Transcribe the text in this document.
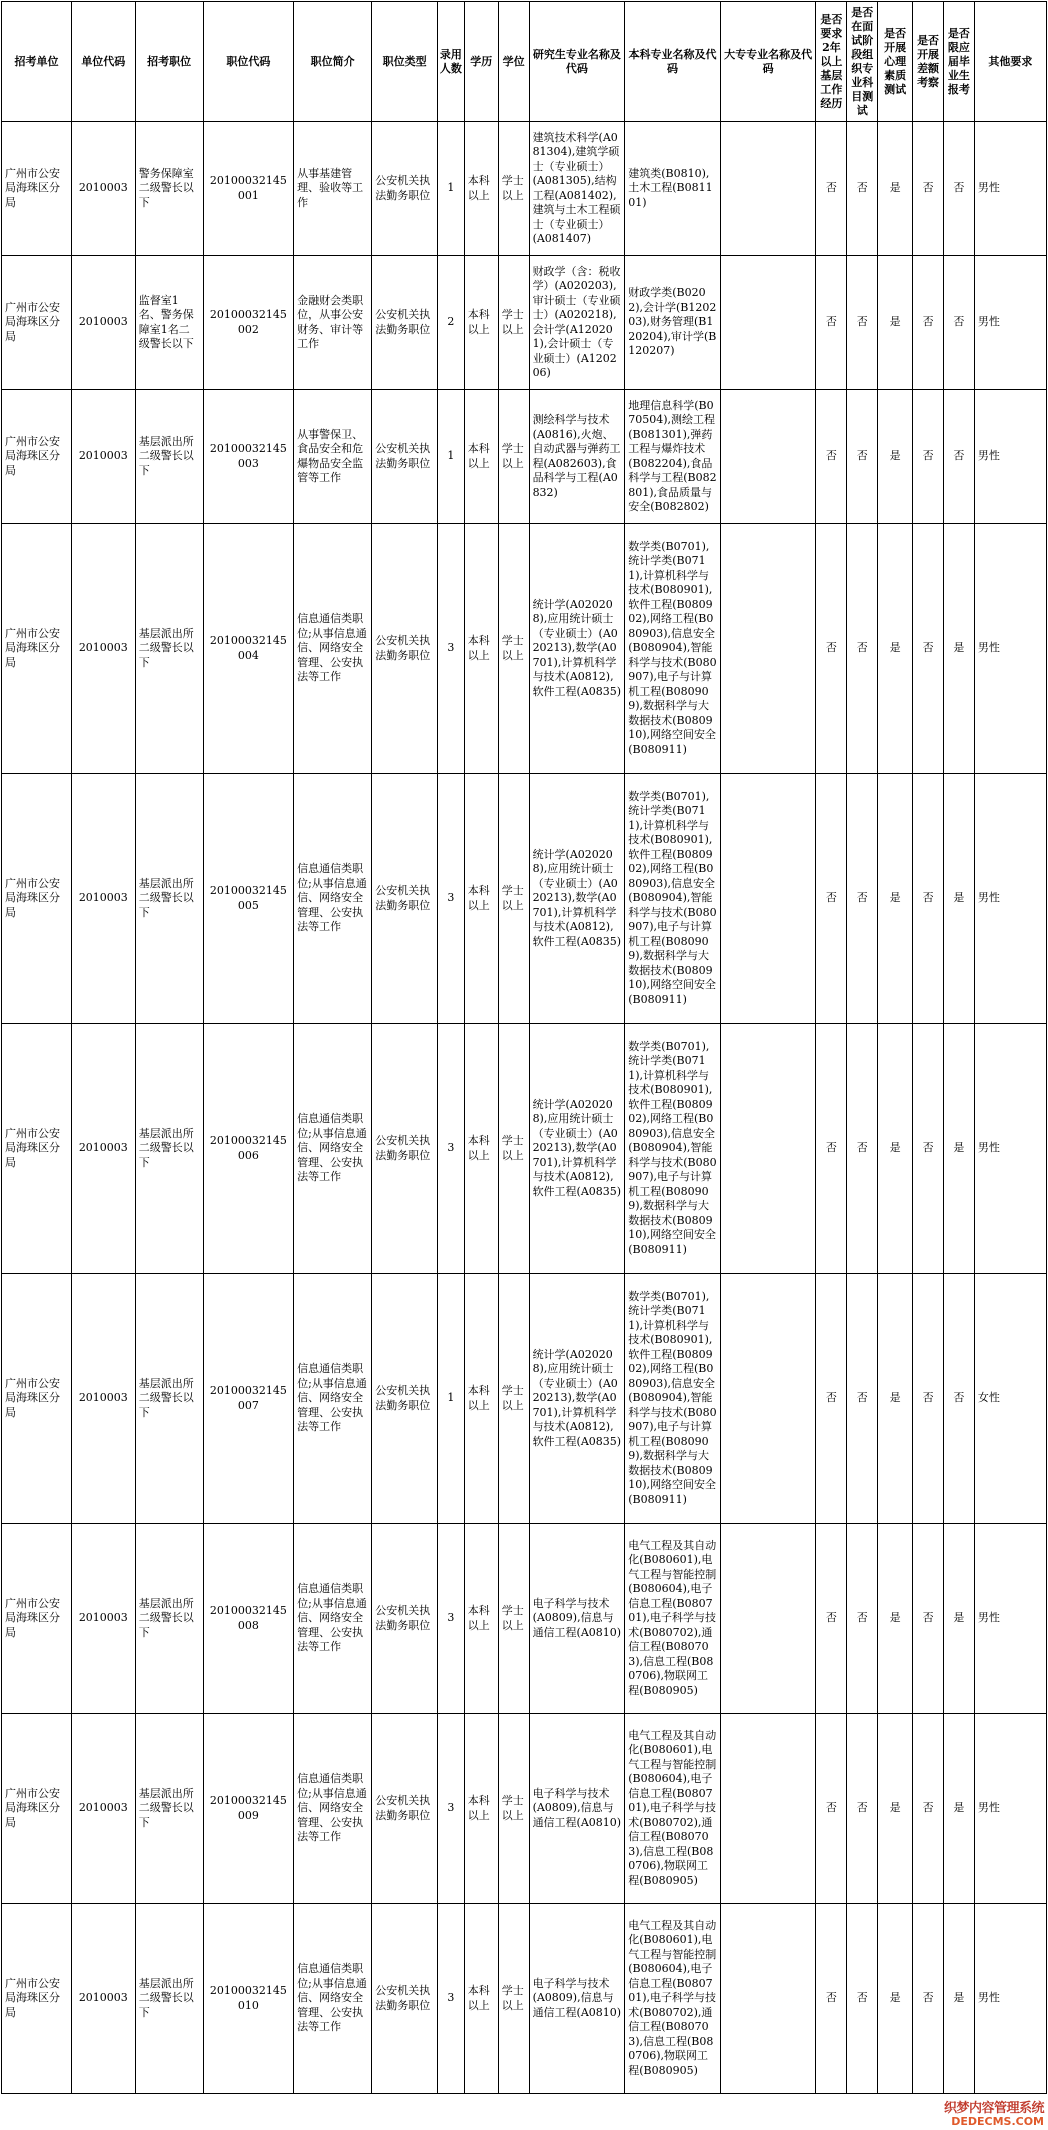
招考单位	单位代码	招考职位	职位代码	职位简介	职位类型	录用人数	学历	学位	研究生专业名称及代码	本科专业名称及代码	大专专业名称及代码	是否要求2年以上基层工作经历	是否在面试阶段组织专业科目测试	是否开展心理素质测试	是否开展差额考察	是否限应届毕业生报考	其他要求
广州市公安局海珠区分局	2010003	警务保障室二级警长以下	20100032145001	从事基建管理、验收等工作	公安机关执法勤务职位	1	本科以上	学士以上	建筑技术科学(A081304),建筑学硕士（专业硕士）(A081305),结构工程(A081402),建筑与土木工程硕士（专业硕士）(A081407)	建筑类(B0810),土木工程(B081101)		否	否	是	否	否	男性
广州市公安局海珠区分局	2010003	监督室1名、警务保障室1名二级警长以下	20100032145002	金融财会类职位，从事公安财务、审计等工作	公安机关执法勤务职位	2	本科以上	学士以上	财政学（含：税收学）(A020203),审计硕士（专业硕士）(A020218),会计学(A120201),会计硕士（专业硕士）(A120206)	财政学类(B0202),会计学(B120203),财务管理(B120204),审计学(B120207)		否	否	是	否	否	男性
广州市公安局海珠区分局	2010003	基层派出所二级警长以下	20100032145003	从事警保卫、食品安全和危爆物品安全监管等工作	公安机关执法勤务职位	1	本科以上	学士以上	测绘科学与技术(A0816),火炮、自动武器与弹药工程(A082603),食品科学与工程(A0832)	地理信息科学(B070504),测绘工程(B081301),弹药工程与爆炸技术(B082204),食品科学与工程(B082801),食品质量与安全(B082802)		否	否	是	否	否	男性
广州市公安局海珠区分局	2010003	基层派出所二级警长以下	20100032145004	信息通信类职位;从事信息通信、网络安全管理、公安执法等工作	公安机关执法勤务职位	3	本科以上	学士以上	统计学(A020208),应用统计硕士（专业硕士）(A020213),数学(A0701),计算机科学与技术(A0812),软件工程(A0835)	数学类(B0701),统计学类(B0711),计算机科学与技术(B080901),软件工程(B080902),网络工程(B080903),信息安全(B080904),智能科学与技术(B080907),电子与计算机工程(B080909),数据科学与大数据技术(B080910),网络空间安全(B080911)		否	否	是	否	是	男性
广州市公安局海珠区分局	2010003	基层派出所二级警长以下	20100032145005	信息通信类职位;从事信息通信、网络安全管理、公安执法等工作	公安机关执法勤务职位	3	本科以上	学士以上	统计学(A020208),应用统计硕士（专业硕士）(A020213),数学(A0701),计算机科学与技术(A0812),软件工程(A0835)	数学类(B0701),统计学类(B0711),计算机科学与技术(B080901),软件工程(B080902),网络工程(B080903),信息安全(B080904),智能科学与技术(B080907),电子与计算机工程(B080909),数据科学与大数据技术(B080910),网络空间安全(B080911)		否	否	是	否	是	男性
广州市公安局海珠区分局	2010003	基层派出所二级警长以下	20100032145006	信息通信类职位;从事信息通信、网络安全管理、公安执法等工作	公安机关执法勤务职位	3	本科以上	学士以上	统计学(A020208),应用统计硕士（专业硕士）(A020213),数学(A0701),计算机科学与技术(A0812),软件工程(A0835)	数学类(B0701),统计学类(B0711),计算机科学与技术(B080901),软件工程(B080902),网络工程(B080903),信息安全(B080904),智能科学与技术(B080907),电子与计算机工程(B080909),数据科学与大数据技术(B080910),网络空间安全(B080911)		否	否	是	否	是	男性
广州市公安局海珠区分局	2010003	基层派出所二级警长以下	20100032145007	信息通信类职位;从事信息通信、网络安全管理、公安执法等工作	公安机关执法勤务职位	1	本科以上	学士以上	统计学(A020208),应用统计硕士（专业硕士）(A020213),数学(A0701),计算机科学与技术(A0812),软件工程(A0835)	数学类(B0701),统计学类(B0711),计算机科学与技术(B080901),软件工程(B080902),网络工程(B080903),信息安全(B080904),智能科学与技术(B080907),电子与计算机工程(B080909),数据科学与大数据技术(B080910),网络空间安全(B080911)		否	否	是	否	否	女性
广州市公安局海珠区分局	2010003	基层派出所二级警长以下	20100032145008	信息通信类职位;从事信息通信、网络安全管理、公安执法等工作	公安机关执法勤务职位	3	本科以上	学士以上	电子科学与技术(A0809),信息与通信工程(A0810)	电气工程及其自动化(B080601),电气工程与智能控制(B080604),电子信息工程(B080701),电子科学与技术(B080702),通信工程(B080703),信息工程(B080706),物联网工程(B080905)		否	否	是	否	是	男性
广州市公安局海珠区分局	2010003	基层派出所二级警长以下	20100032145009	信息通信类职位;从事信息通信、网络安全管理、公安执法等工作	公安机关执法勤务职位	3	本科以上	学士以上	电子科学与技术(A0809),信息与通信工程(A0810)	电气工程及其自动化(B080601),电气工程与智能控制(B080604),电子信息工程(B080701),电子科学与技术(B080702),通信工程(B080703),信息工程(B080706),物联网工程(B080905)		否	否	是	否	是	男性
广州市公安局海珠区分局	2010003	基层派出所二级警长以下	20100032145010	信息通信类职位;从事信息通信、网络安全管理、公安执法等工作	公安机关执法勤务职位	3	本科以上	学士以上	电子科学与技术(A0809),信息与通信工程(A0810)	电气工程及其自动化(B080601),电气工程与智能控制(B080604),电子信息工程(B080701),电子科学与技术(B080702),通信工程(B080703),信息工程(B080706),物联网工程(B080905)		否	否	是	否	是	男性
织梦内容管理系统
DEDECMS.COM
